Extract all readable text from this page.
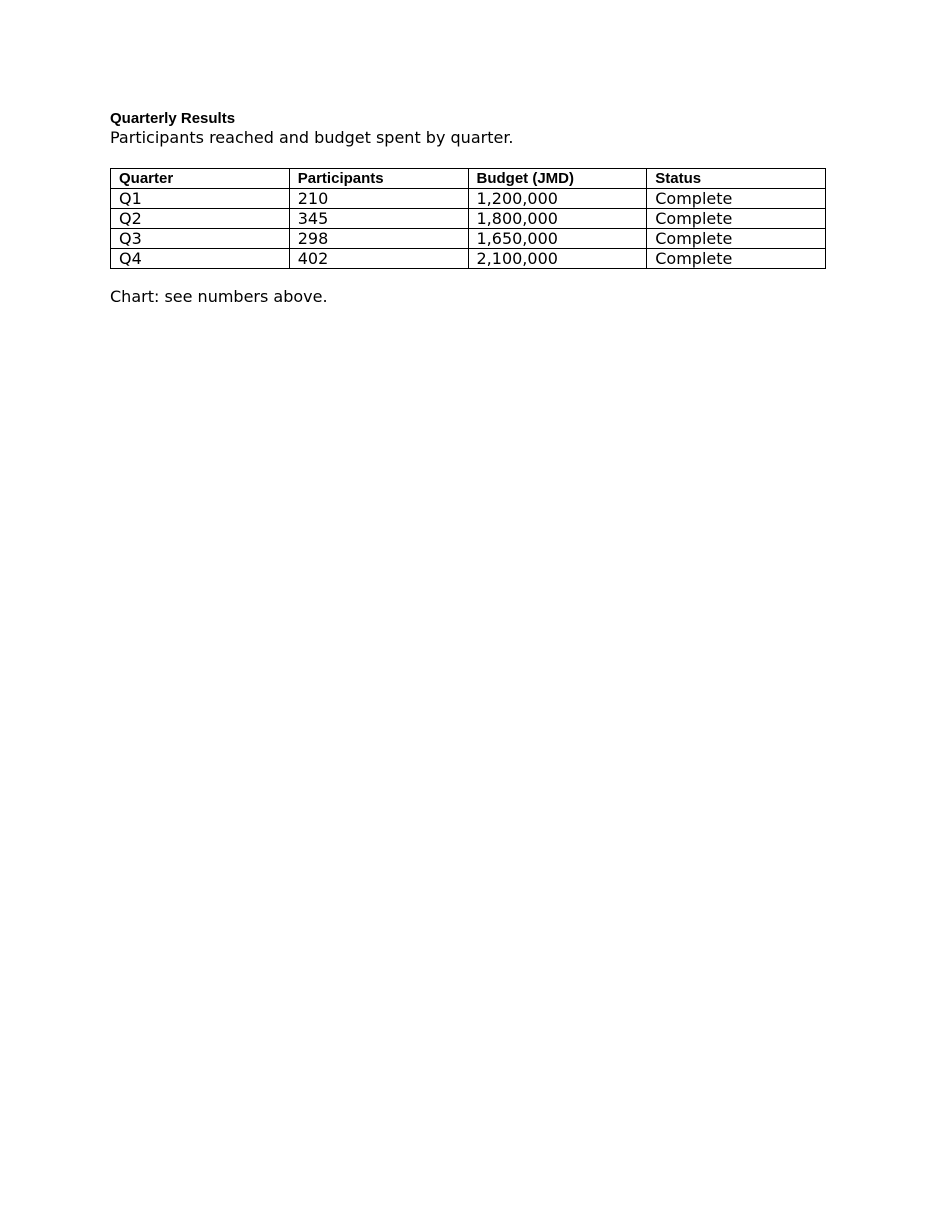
Quarterly Results
Participants reached and budget spent by quarter.
Quarter	Participants	Budget (JMD)	Status
Q1	210	1,200,000	Complete
Q2	345	1,800,000	Complete
Q3	298	1,650,000	Complete
Q4	402	2,100,000	Complete
Chart: see numbers above.
